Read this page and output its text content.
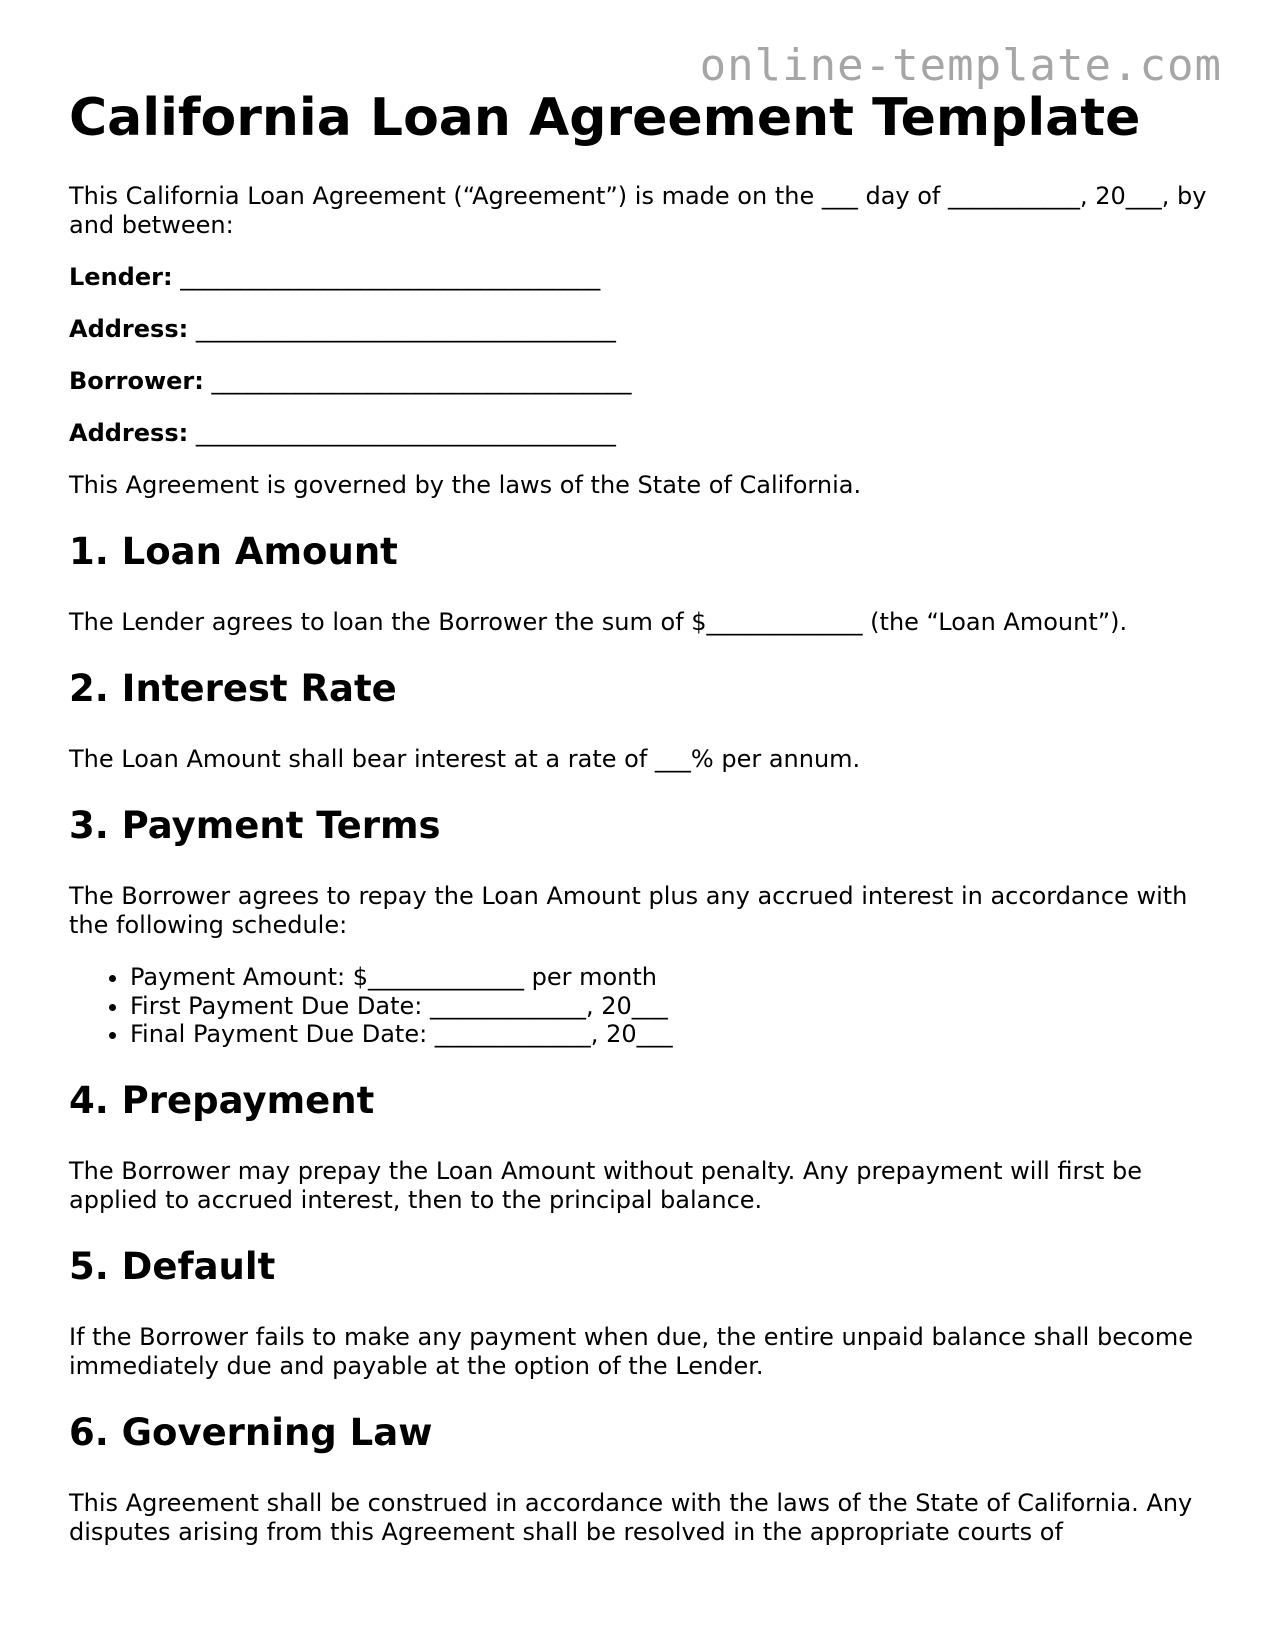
online-template.com
California Loan Agreement Template

This California Loan Agreement (“Agreement”) is made on the ___ day of ___________, 20___, by and between:

Lender: ___________________________________
Address: ___________________________________
Borrower: ___________________________________
Address: ___________________________________

This Agreement is governed by the laws of the State of California.

1. Loan Amount

The Lender agrees to loan the Borrower the sum of $_____________ (the “Loan Amount”).

2. Interest Rate

The Loan Amount shall bear interest at a rate of ___% per annum.

3. Payment Terms

The Borrower agrees to repay the Loan Amount plus any accrued interest in accordance with the following schedule:

• Payment Amount: $_____________ per month
• First Payment Due Date: _____________, 20___
• Final Payment Due Date: _____________, 20___
4. Prepayment

The Borrower may prepay the Loan Amount without penalty. Any prepayment will first be applied to accrued interest, then to the principal balance.

5. Default

If the Borrower fails to make any payment when due, the entire unpaid balance shall become immediately due and payable at the option of the Lender.

6. Governing Law

This Agreement shall be construed in accordance with the laws of the State of California. Any disputes arising from this Agreement shall be resolved in the appropriate courts of
